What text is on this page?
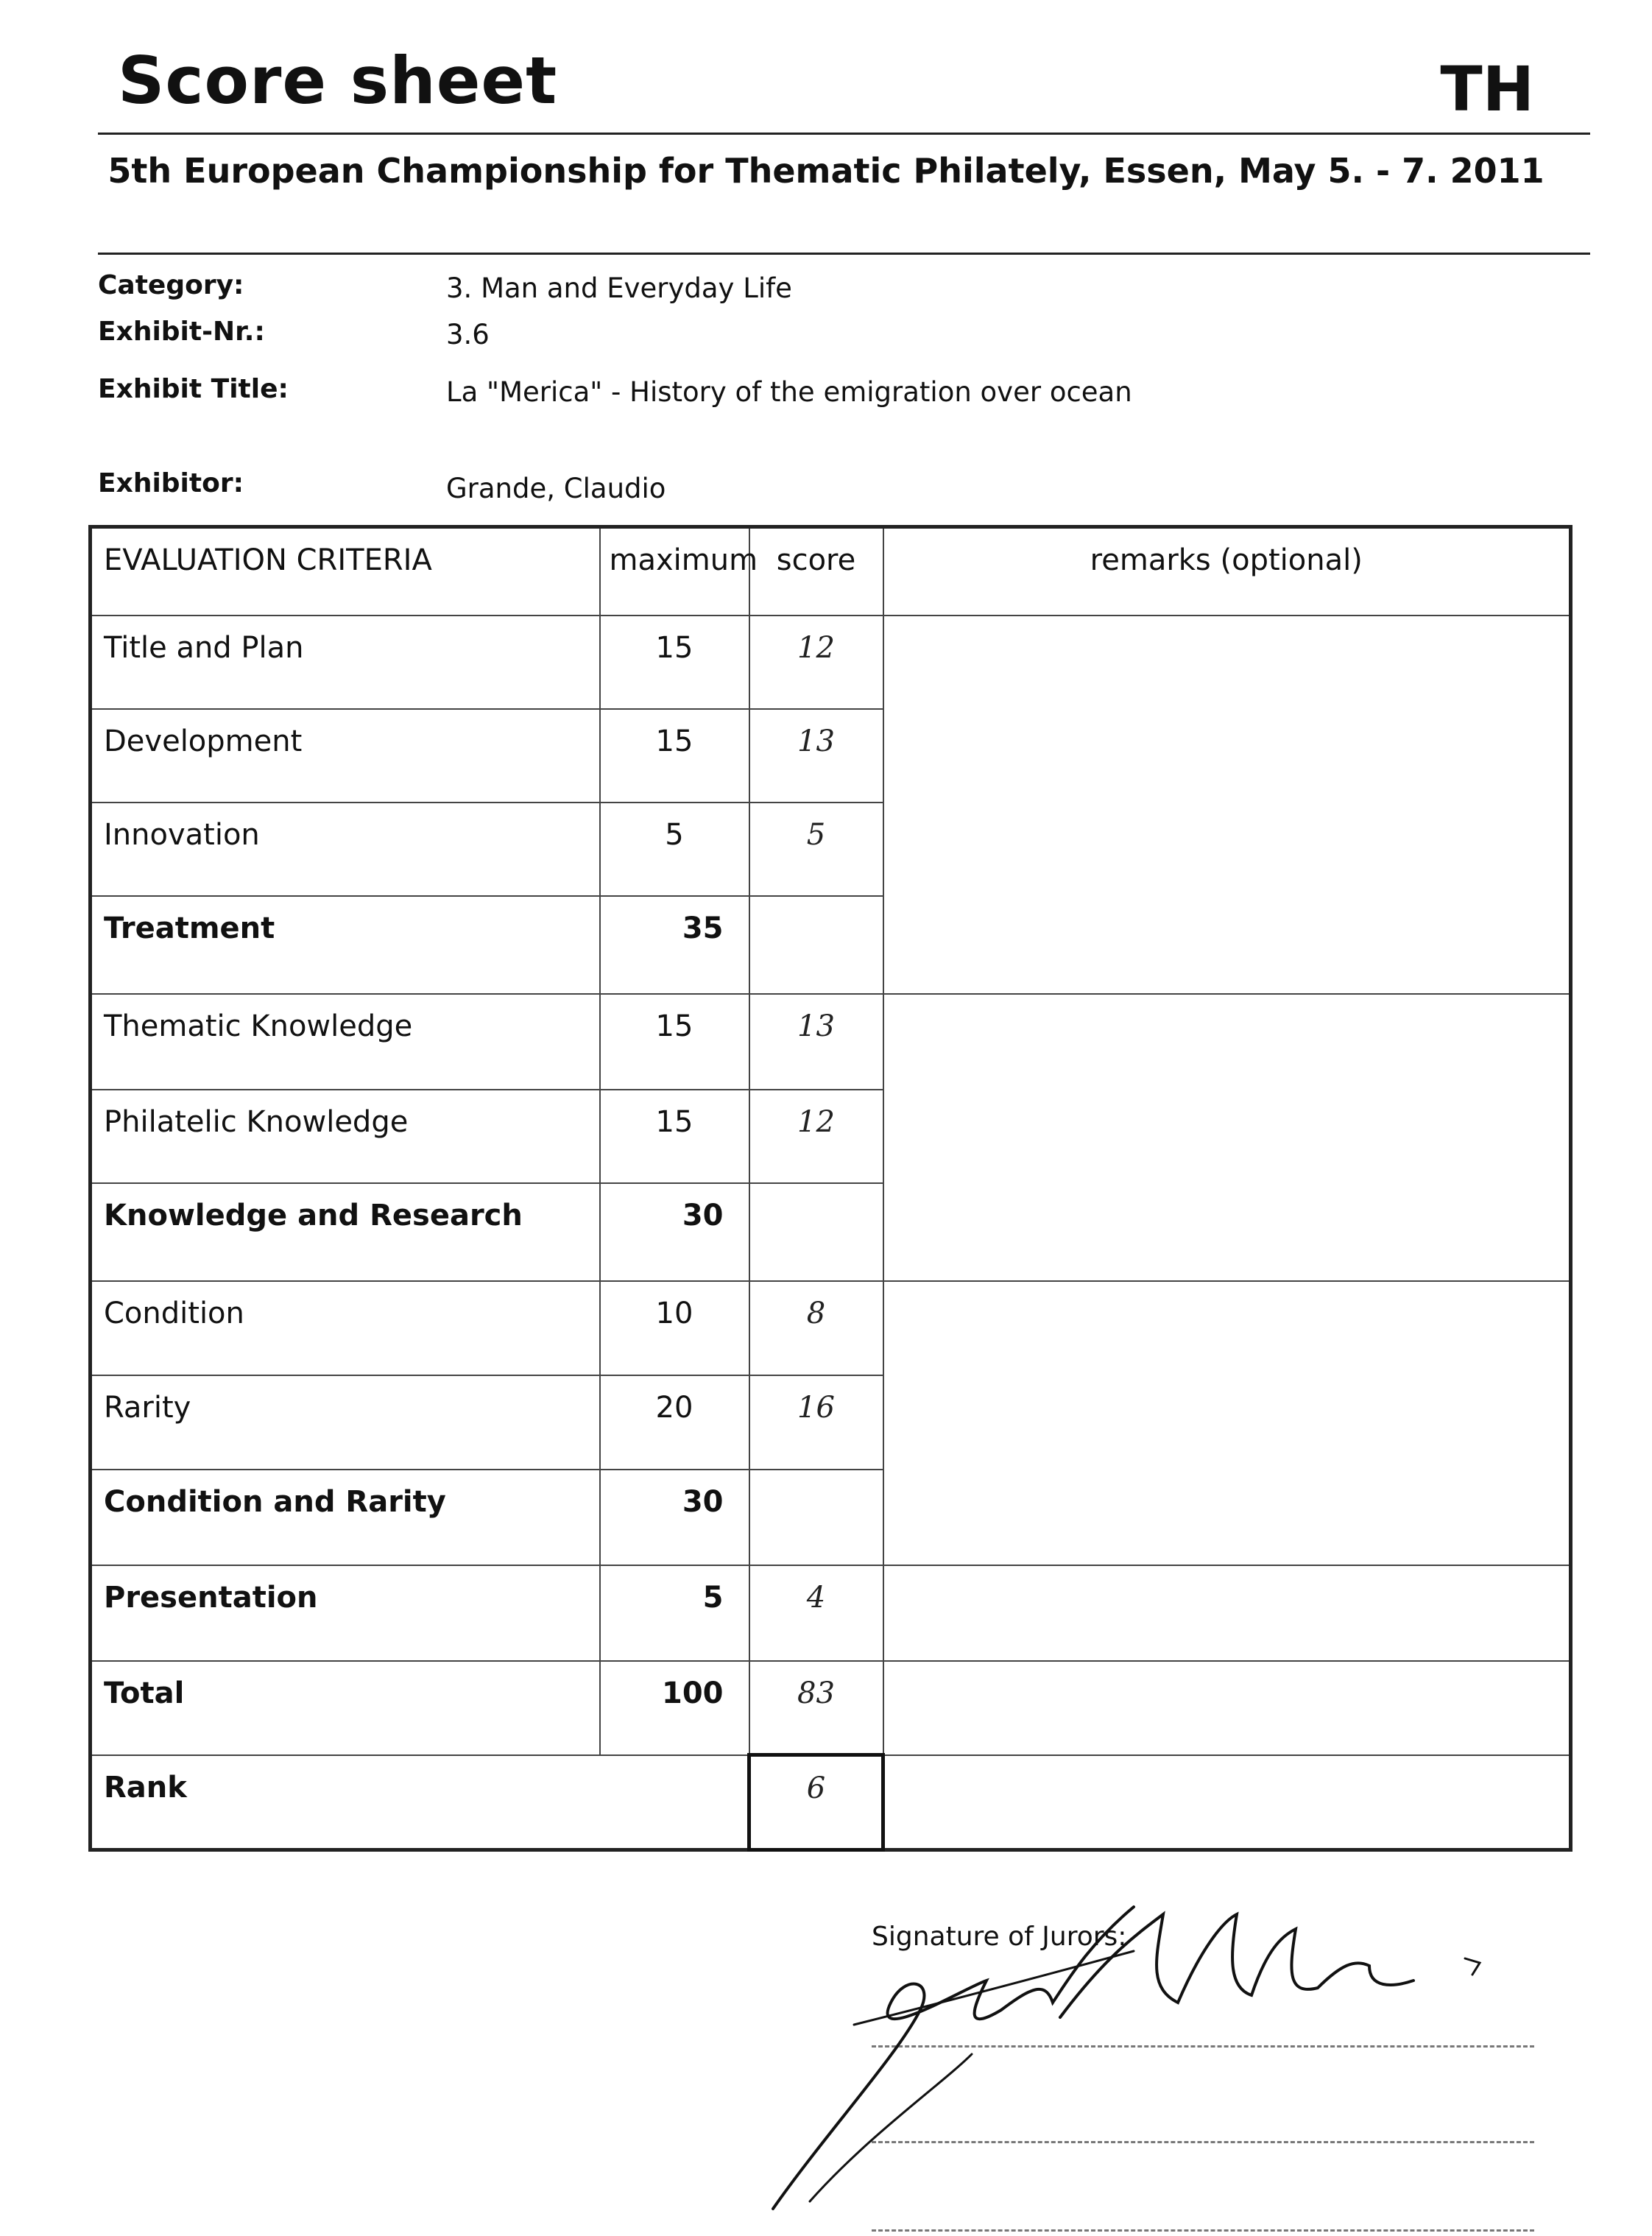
Score sheet	TH
5th European Championship for Thematic Philately, Essen, May 5. - 7. 2011
Category:	3. Man and Everyday Life
Exhibit-Nr.:	3.6
Exhibit Title:	La "Merica" - History of the emigration over ocean
Exhibitor:	Grande, Claudio
EVALUATION CRITERIA	maximum	score	remarks (optional)
Title and Plan	15	12	
Development	15	13	
Innovation	5	5	
Treatment	35		
Thematic Knowledge	15	13	
Philatelic Knowledge	15	12	
Knowledge and Research	30		
Condition	10	8	
Rarity	20	16	
Condition and Rarity	30		
Presentation	5	4	
Total	100	83	
Rank		6	
Signature of Jurors:
